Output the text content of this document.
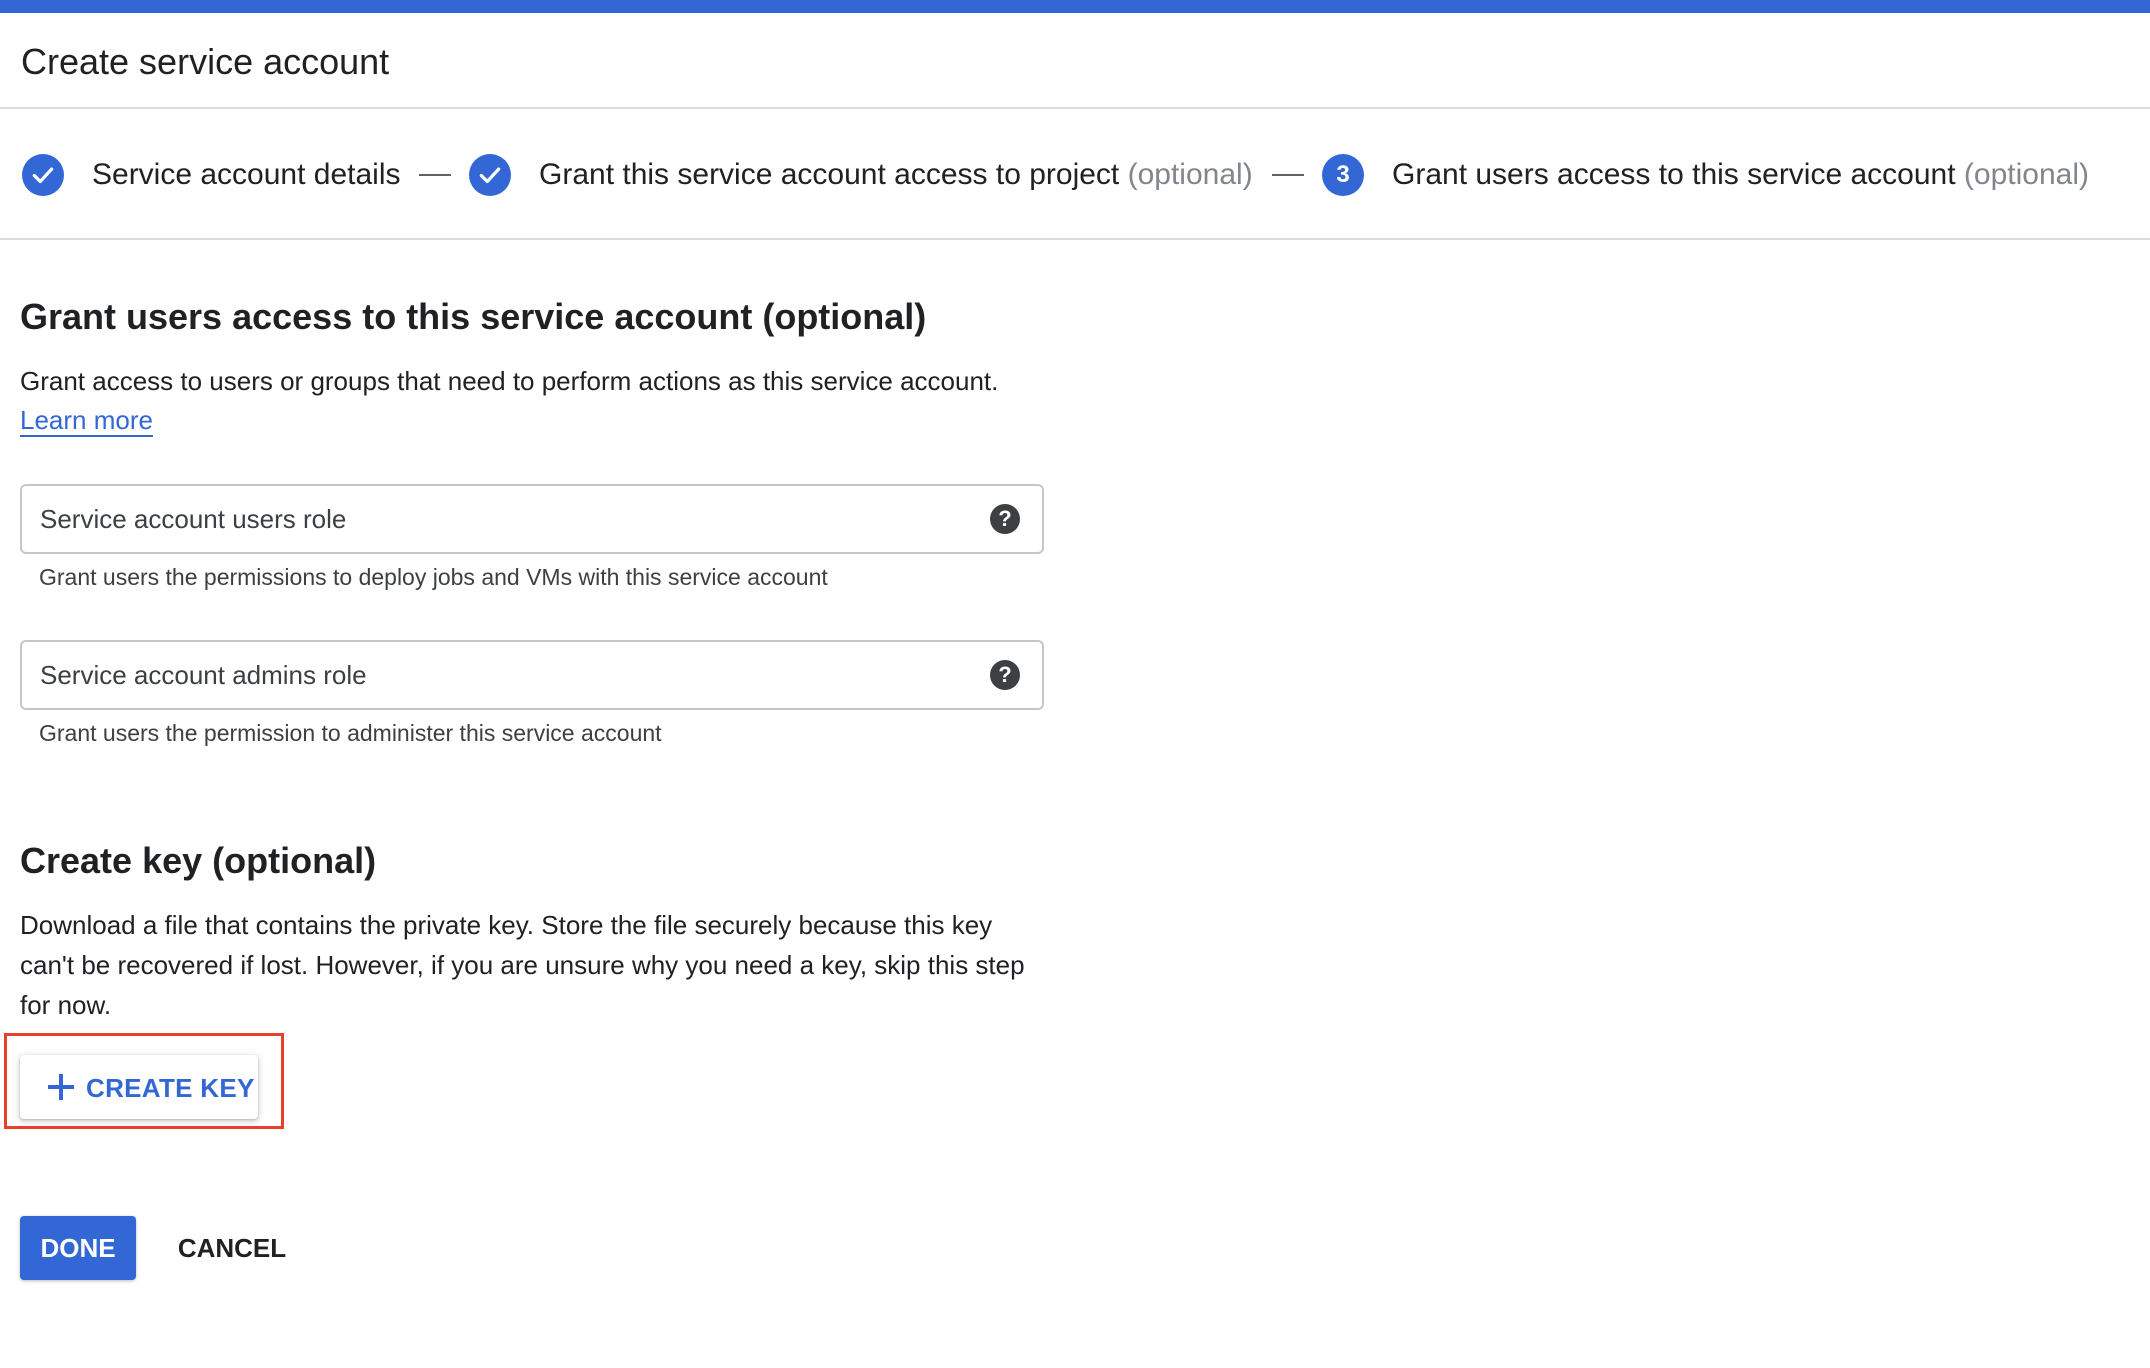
Create service account
Service account details	Grant this service account access to project (optional)	3	Grant users access to this service account (optional)
Grant users access to this service account (optional)
Grant access to users or groups that need to perform actions as this service account.
Learn more
Service account users role
?
Grant users the permissions to deploy jobs and VMs with this service account
Service account admins role
?
Grant users the permission to administer this service account
Create key (optional)
Download a file that contains the private key. Store the file securely because this key
can't be recovered if lost. However, if you are unsure why you need a key, skip this step
for now.
CREATE KEY
DONE	CANCEL
